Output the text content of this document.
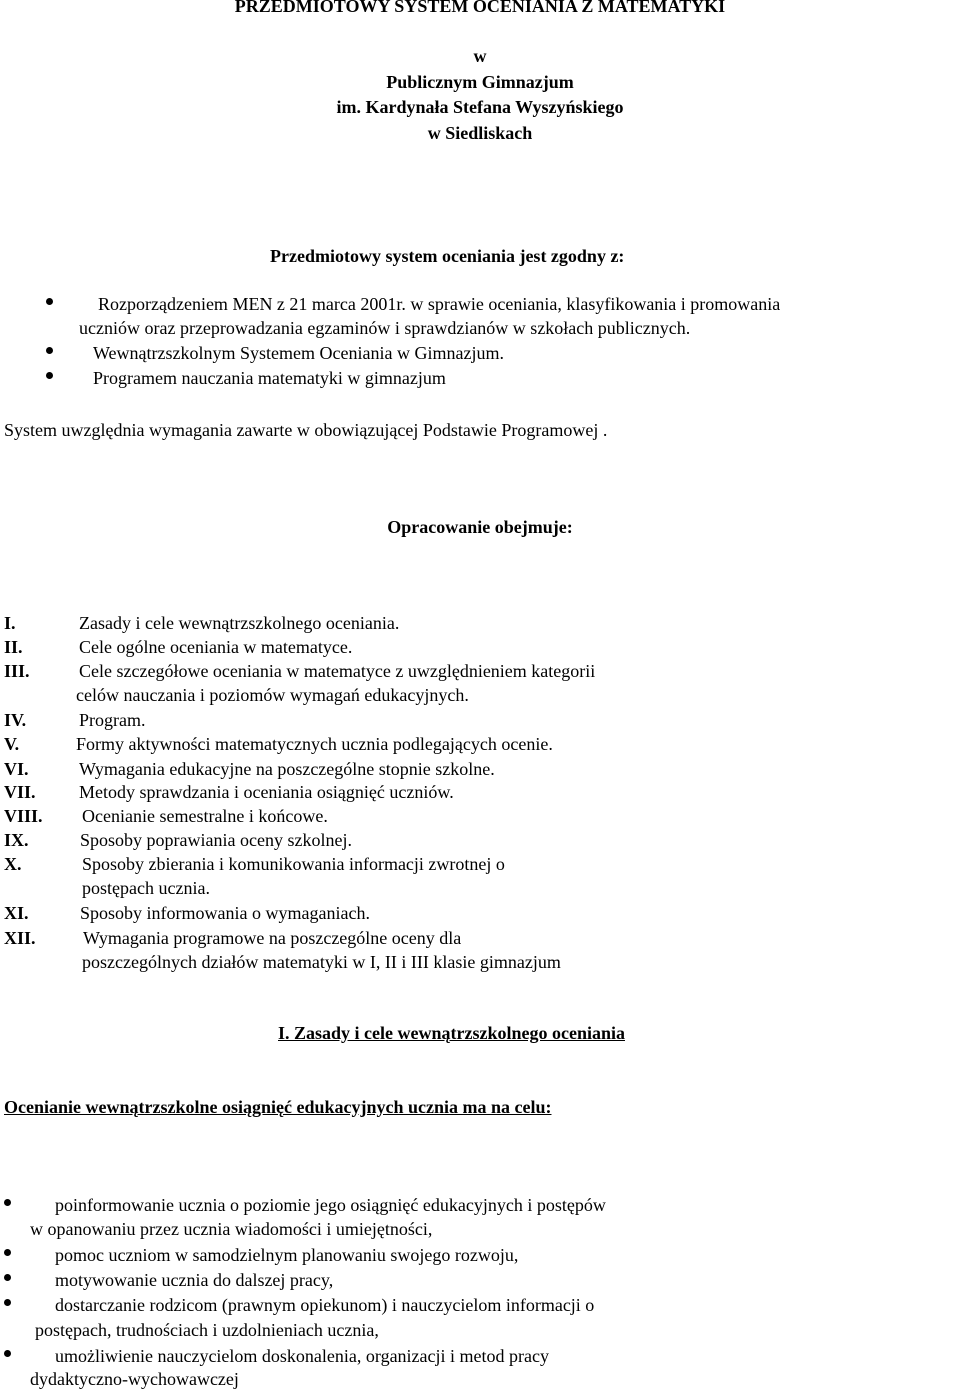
PRZEDMIOTOWY SYSTEM OCENIANIA Z MATEMATYKI
w
Publicznym Gimnazjum
im. Kardynała Stefana Wyszyńskiego
w Siedliskach
Przedmiotowy system oceniania jest zgodny z:
Rozporządzeniem MEN z 21 marca 2001r. w sprawie oceniania, klasyfikowania i promowania
uczniów oraz przeprowadzania egzaminów i sprawdzianów w szkołach publicznych.
Wewnątrzszkolnym Systemem Oceniania w Gimnazjum.
Programem nauczania matematyki w gimnazjum
System uwzględnia wymagania zawarte w obowiązującej Podstawie Programowej .
Opracowanie obejmuje:
I.	Zasady i cele wewnątrzszkolnego oceniania.
II.	Cele ogólne oceniania w matematyce.
III.	Cele szczegółowe oceniania w matematyce z uwzględnieniem kategorii
celów nauczania i poziomów wymagań edukacyjnych.
IV.	Program.
V.	Formy aktywności matematycznych ucznia podlegających ocenie.
VI.	Wymagania edukacyjne na poszczególne stopnie szkolne.
VII. Metody sprawdzania i oceniania osiągnięć uczniów.
VIII. Ocenianie semestralne i końcowe.
IX.	Sposoby poprawiania oceny szkolnej.
X.	Sposoby zbierania i komunikowania informacji zwrotnej o
postępach ucznia.
XI.	Sposoby informowania o wymaganiach.
XII.	Wymagania programowe na poszczególne oceny dla
poszczególnych działów matematyki w I, II i III klasie gimnazjum
I. Zasady i cele wewnątrzszkolnego oceniania
Ocenianie wewnątrzszkolne osiągnięć edukacyjnych ucznia ma na celu:
poinformowanie ucznia o poziomie jego osiągnięć edukacyjnych i postępów
w opanowaniu przez ucznia wiadomości i umiejętności,
pomoc uczniom w samodzielnym planowaniu swojego rozwoju,
motywowanie ucznia do dalszej pracy,
dostarczanie rodzicom (prawnym opiekunom) i nauczycielom informacji o
postępach, trudnościach i uzdolnieniach ucznia,
umożliwienie nauczycielom doskonalenia, organizacji i metod pracy
dydaktyczno-wychowawczej
